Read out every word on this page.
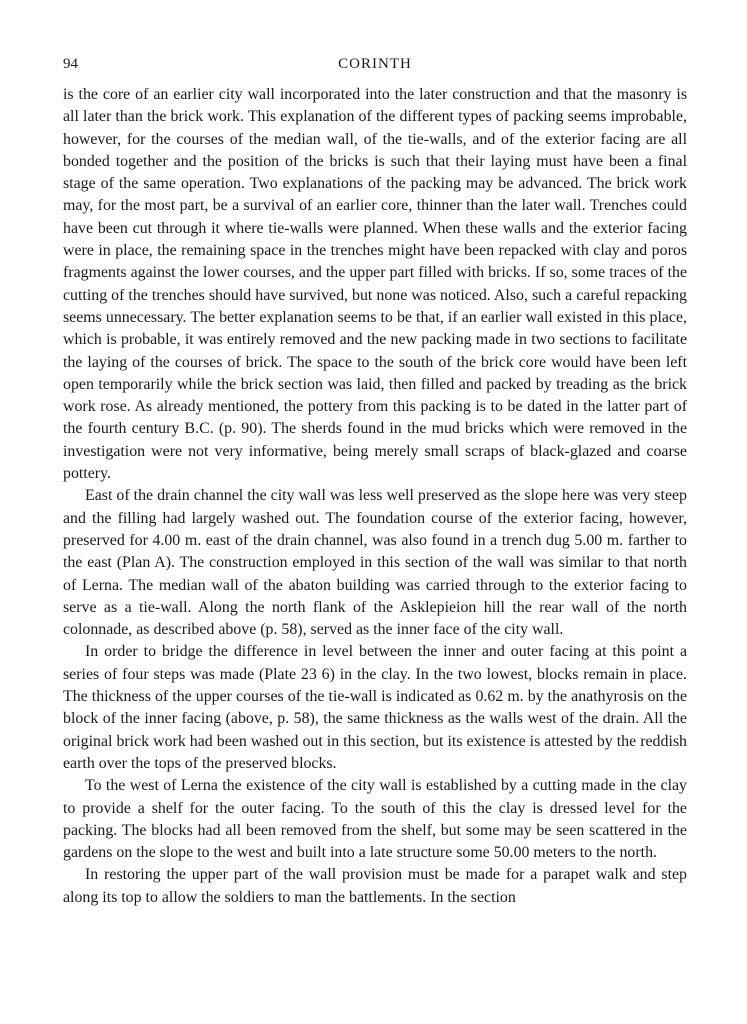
94	CORINTH

is the core of an earlier city wall incorporated into the later construction and that the masonry is all later than the brick work. This explanation of the different types of packing seems improbable, however, for the courses of the median wall, of the tie-walls, and of the exterior facing are all bonded together and the position of the bricks is such that their laying must have been a final stage of the same operation. Two explanations of the packing may be advanced. The brick work may, for the most part, be a survival of an earlier core, thinner than the later wall. Trenches could have been cut through it where tie-walls were planned. When these walls and the exterior facing were in place, the remaining space in the trenches might have been repacked with clay and poros fragments against the lower courses, and the upper part filled with bricks. If so, some traces of the cutting of the trenches should have survived, but none was noticed. Also, such a careful repacking seems unnecessary. The better explanation seems to be that, if an earlier wall existed in this place, which is probable, it was entirely removed and the new packing made in two sections to facilitate the laying of the courses of brick. The space to the south of the brick core would have been left open temporarily while the brick section was laid, then filled and packed by treading as the brick work rose. As already mentioned, the pottery from this packing is to be dated in the latter part of the fourth century B.C. (p. 90). The sherds found in the mud bricks which were removed in the investigation were not very informative, being merely small scraps of black-glazed and coarse pottery.

East of the drain channel the city wall was less well preserved as the slope here was very steep and the filling had largely washed out. The foundation course of the exterior facing, however, preserved for 4.00 m. east of the drain channel, was also found in a trench dug 5.00 m. farther to the east (Plan A). The construction employed in this section of the wall was similar to that north of Lerna. The median wall of the abaton building was carried through to the exterior facing to serve as a tie-wall. Along the north flank of the Asklepieion hill the rear wall of the north colonnade, as described above (p. 58), served as the inner face of the city wall.

In order to bridge the difference in level between the inner and outer facing at this point a series of four steps was made (Plate 23 6) in the clay. In the two lowest, blocks remain in place. The thickness of the upper courses of the tie-wall is indicated as 0.62 m. by the anathyrosis on the block of the inner facing (above, p. 58), the same thickness as the walls west of the drain. All the original brick work had been washed out in this section, but its existence is attested by the reddish earth over the tops of the preserved blocks.

To the west of Lerna the existence of the city wall is established by a cutting made in the clay to provide a shelf for the outer facing. To the south of this the clay is dressed level for the packing. The blocks had all been removed from the shelf, but some may be seen scattered in the gardens on the slope to the west and built into a late structure some 50.00 meters to the north.

In restoring the upper part of the wall provision must be made for a parapet walk and step along its top to allow the soldiers to man the battlements. In the section
